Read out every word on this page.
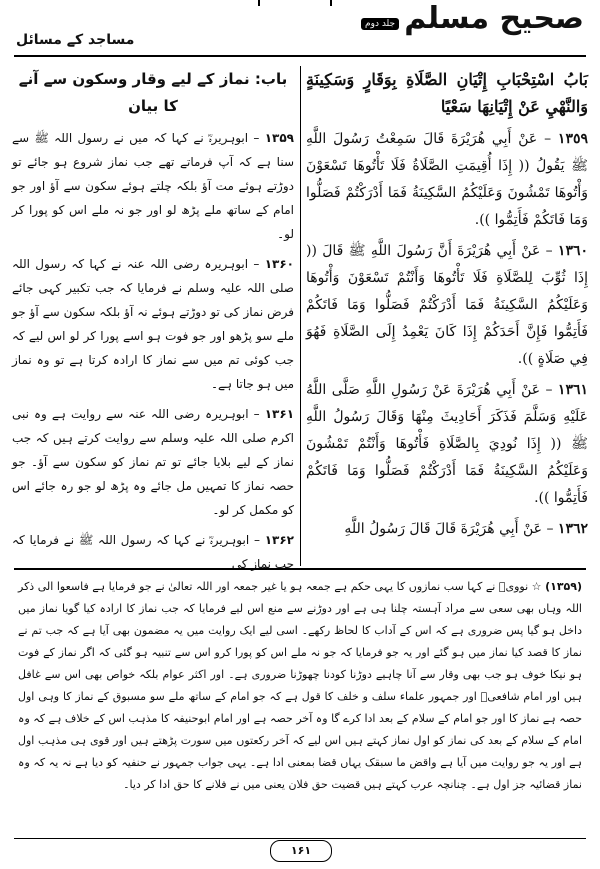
صحیح مسلم جلد دوم
مساجد کے مسائل
بَابُ اسْتِحْبَابِ إِتْيَانِ الصَّلَاةِ بِوَقَارٍ وَسَكِينَةٍ وَالنَّهْيِ عَنْ إِتْيَانِهَا سَعْيًا

١٣٥٩ – عَنْ أَبِي هُرَيْرَةَ قَالَ سَمِعْتُ رَسُولَ اللَّهِ ﷺ يَقُولُ (( إِذَا أُقِيمَتِ الصَّلَاةُ فَلَا تَأْتُوهَا تَسْعَوْنَ وَأْتُوهَا تَمْشُونَ وَعَلَيْكُمُ السَّكِينَةُ فَمَا أَدْرَكْتُمْ فَصَلُّوا وَمَا فَاتَكُمْ فَأَتِمُّوا )).

١٣٦٠ – عَنْ أَبِي هُرَيْرَةَ أَنَّ رَسُولَ اللَّهِ ﷺ قَالَ (( إِذَا ثُوِّبَ لِلصَّلَاةِ فَلَا تَأْتُوهَا وَأَنْتُمْ تَسْعَوْنَ وَأْتُوهَا وَعَلَيْكُمُ السَّكِينَةُ فَمَا أَدْرَكْتُمْ فَصَلُّوا وَمَا فَاتَكُمْ فَأَتِمُّوا فَإِنَّ أَحَدَكُمْ إِذَا كَانَ يَعْمِدُ إِلَى الصَّلَاةِ فَهُوَ فِي صَلَاةٍ )).

١٣٦١ – عَنْ أَبِي هُرَيْرَةَ عَنْ رَسُولِ اللَّهِ صَلَّى اللَّهُ عَلَيْهِ وَسَلَّمَ فَذَكَرَ أَحَادِيثَ مِنْهَا وَقَالَ رَسُولُ اللَّهِ ﷺ (( إِذَا نُودِيَ بِالصَّلَاةِ فَأْتُوهَا وَأَنْتُمْ تَمْشُونَ وَعَلَيْكُمُ السَّكِينَةُ فَمَا أَدْرَكْتُمْ فَصَلُّوا وَمَا فَاتَكُمْ فَأَتِمُّوا )).

١٣٦٢ – عَنْ أَبِي هُرَيْرَةَ قَالَ قَالَ رَسُولُ اللَّهِ

باب: نماز کے لیے وقار وسکون سے آنے کا بیان

۱۳۵۹ – ابوہریرہؓ نے کہا کہ میں نے رسول اللہ ﷺ سے سنا ہے کہ آپ فرماتے تھے جب نماز شروع ہو جائے تو دوڑتے ہوئے مت آؤ بلکہ چلتے ہوئے سکون سے آؤ اور جو امام کے ساتھ ملے پڑھ لو اور جو نہ ملے اس کو پورا کر لو۔

۱۳۶۰ – ابوہریرہ رضی اللہ عنہ نے کہا کہ رسول اللہ صلی اللہ علیہ وسلم نے فرمایا کہ جب تکبیر کہی جائے فرض نماز کی تو دوڑتے ہوئے نہ آؤ بلکہ سکون سے آؤ جو ملے سو پڑھو اور جو فوت ہو اسے پورا کر لو اس لیے کہ جب کوئی تم میں سے نماز کا ارادہ کرتا ہے تو وہ نماز میں ہو جاتا ہے۔

۱۳۶۱ – ابوہریرہ رضی اللہ عنہ سے روایت ہے وہ نبی اکرم صلی اللہ علیہ وسلم سے روایت کرتے ہیں کہ جب نماز کے لیے بلایا جائے تو تم نماز کو سکون سے آؤ۔ جو حصہ نماز کا تمہیں مل جائے وہ پڑھ لو جو رہ جائے اس کو مکمل کر لو۔

۱۳۶۲ – ابوہریرہؓ نے کہا کہ رسول اللہ ﷺ نے فرمایا کہ جب نماز کی

(۱۳۵۹) ☆ نوویؒ نے کہا سب نمازوں کا یہی حکم ہے جمعہ ہو یا غیر جمعہ اور اللہ تعالیٰ نے جو فرمایا ہے فاسعوا الی ذکر اللہ وہاں بھی سعی سے مراد آہستہ چلنا ہی ہے اور دوڑنے سے منع اس لیے فرمایا کہ جب نماز کا ارادہ کیا گویا نماز میں داخل ہو گیا پس ضروری ہے کہ اس کے آداب کا لحاظ رکھے۔ اسی لیے ایک روایت میں یہ مضمون بھی آیا ہے کہ جب تم نے نماز کا قصد کیا نماز میں ہو گئے اور یہ جو فرمایا کہ جو نہ ملے اس کو پورا کرو اس سے تنبیہ ہو گئی کہ اگر نماز کے فوت ہو نیکا خوف ہو جب بھی وقار سے آنا چاہیے دوڑنا کودنا چھوڑنا ضروری ہے۔ اور اکثر عوام بلکہ خواص بھی اس سے غافل ہیں اور امام شافعیؒ اور جمہور علماء سلف و خلف کا قول ہے کہ جو امام کے ساتھ ملے سو مسبوق کے نماز کا وہی اول حصہ ہے نماز کا اور جو امام کے سلام کے بعد ادا کرے گا وہ آخر حصہ ہے اور امام ابوحنیفہ کا مذہب اس کے خلاف ہے کہ وہ امام کے سلام کے بعد کی نماز کو اول نماز کہتے ہیں اس لیے کہ آخر رکعتوں میں سورت پڑھتے ہیں اور قوی ہی مذہب اول ہے اور یہ جو روایت میں آیا ہے واقض ما سبقک یہاں قضا بمعنی ادا ہے۔ یہی جواب جمہور نے حنفیہ کو دیا ہے نہ یہ کہ وہ نماز قضائیہ جز اول ہے۔ چنانچہ عرب کہتے ہیں قضیت حق فلان یعنی میں نے فلانے کا حق ادا کر دیا۔
۱۶۱
